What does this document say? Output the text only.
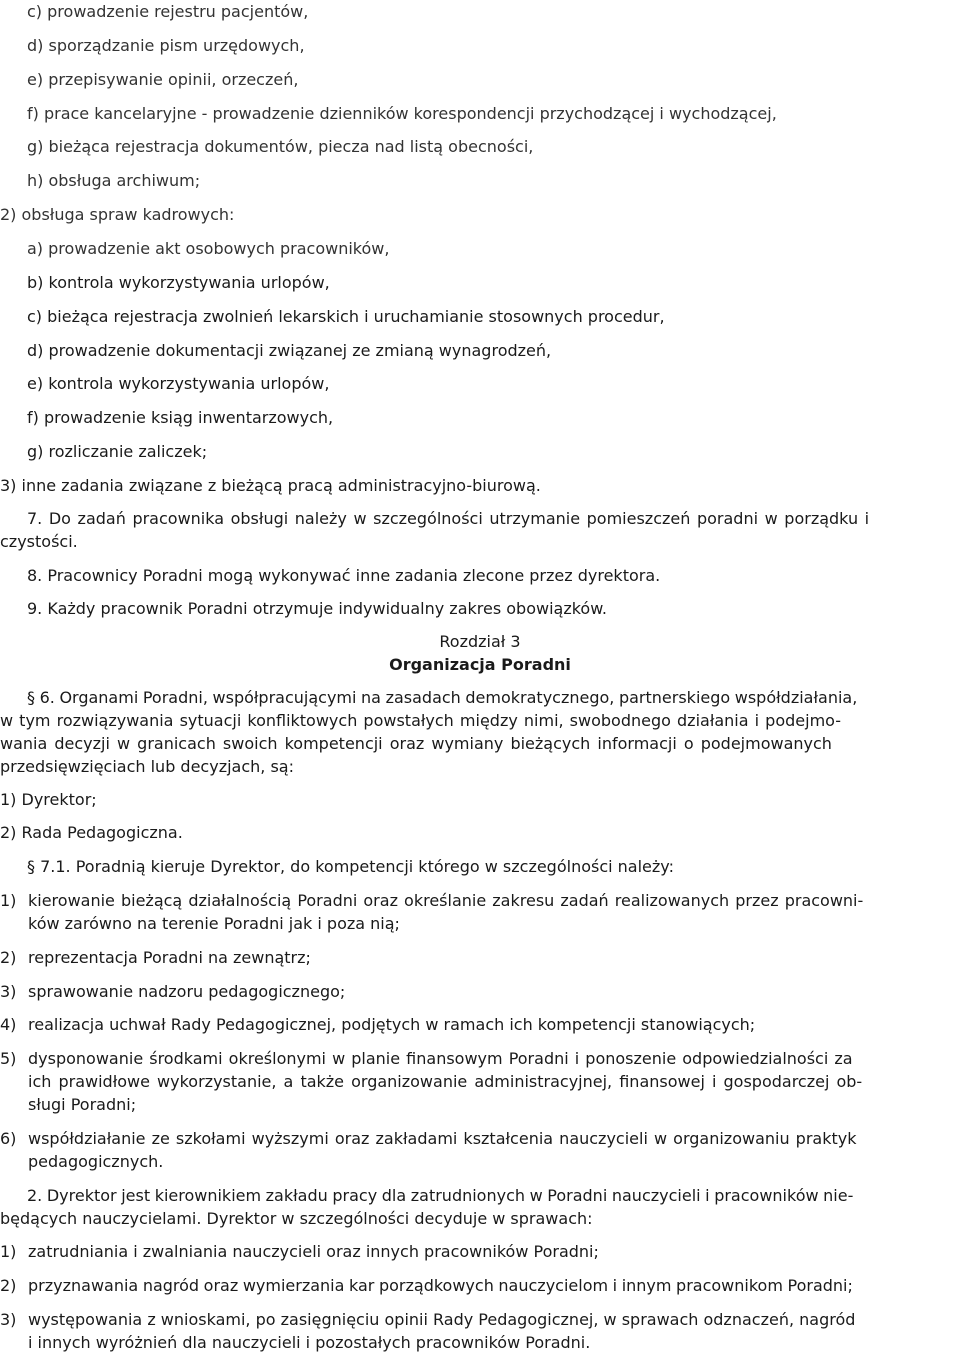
c) prowadzenie rejestru pacjentów,
d) sporządzanie pism urzędowych,
e) przepisywanie opinii, orzeczeń,
f) prace kancelaryjne - prowadzenie dzienników korespondencji przychodzącej i wychodzącej,
g) bieżąca rejestracja dokumentów, piecza nad listą obecności,
h) obsługa archiwum;
2) obsługa spraw kadrowych:
a) prowadzenie akt osobowych pracowników,
b) kontrola wykorzystywania urlopów,
c) bieżąca rejestracja zwolnień lekarskich i uruchamianie stosownych procedur,
d) prowadzenie dokumentacji związanej ze zmianą wynagrodzeń,
e) kontrola wykorzystywania urlopów,
f) prowadzenie ksiąg inwentarzowych,
g) rozliczanie zaliczek;
3) inne zadania związane z bieżącą pracą administracyjno-biurową.
7. Do zadań pracownika obsługi należy w szczególności utrzymanie pomieszczeń poradni w porządku i
czystości.
8. Pracownicy Poradni mogą wykonywać inne zadania zlecone przez dyrektora.
9. Każdy pracownik Poradni otrzymuje indywidualny zakres obowiązków.
Rozdział 3
Organizacja Poradni
§ 6. Organami Poradni, współpracującymi na zasadach demokratycznego, partnerskiego współdziałania,
w tym rozwiązywania sytuacji konfliktowych powstałych między nimi, swobodnego działania i podejmo-
wania decyzji w granicach swoich kompetencji oraz wymiany bieżących informacji o podejmowanych
przedsięwzięciach lub decyzjach, są:
1) Dyrektor;
2) Rada Pedagogiczna.
§ 7.1. Poradnią kieruje Dyrektor, do kompetencji którego w szczególności należy:
1) kierowanie bieżącą działalnością Poradni oraz określanie zakresu zadań realizowanych przez pracowni-
ków zarówno na terenie Poradni jak i poza nią;
2) reprezentacja Poradni na zewnątrz;
3) sprawowanie nadzoru pedagogicznego;
4) realizacja uchwał Rady Pedagogicznej, podjętych w ramach ich kompetencji stanowiących;
5) dysponowanie środkami określonymi w planie finansowym Poradni i ponoszenie odpowiedzialności za
ich prawidłowe wykorzystanie, a także organizowanie administracyjnej, finansowej i gospodarczej ob-
sługi Poradni;
6) współdziałanie ze szkołami wyższymi oraz zakładami kształcenia nauczycieli w organizowaniu praktyk
pedagogicznych.
2. Dyrektor jest kierownikiem zakładu pracy dla zatrudnionych w Poradni nauczycieli i pracowników nie-
będących nauczycielami. Dyrektor w szczególności decyduje w sprawach:
1) zatrudniania i zwalniania nauczycieli oraz innych pracowników Poradni;
2) przyznawania nagród oraz wymierzania kar porządkowych nauczycielom i innym pracownikom Poradni;
3) występowania z wnioskami, po zasięgnięciu opinii Rady Pedagogicznej, w sprawach odznaczeń, nagród
i innych wyróżnień dla nauczycieli i pozostałych pracowników Poradni.
